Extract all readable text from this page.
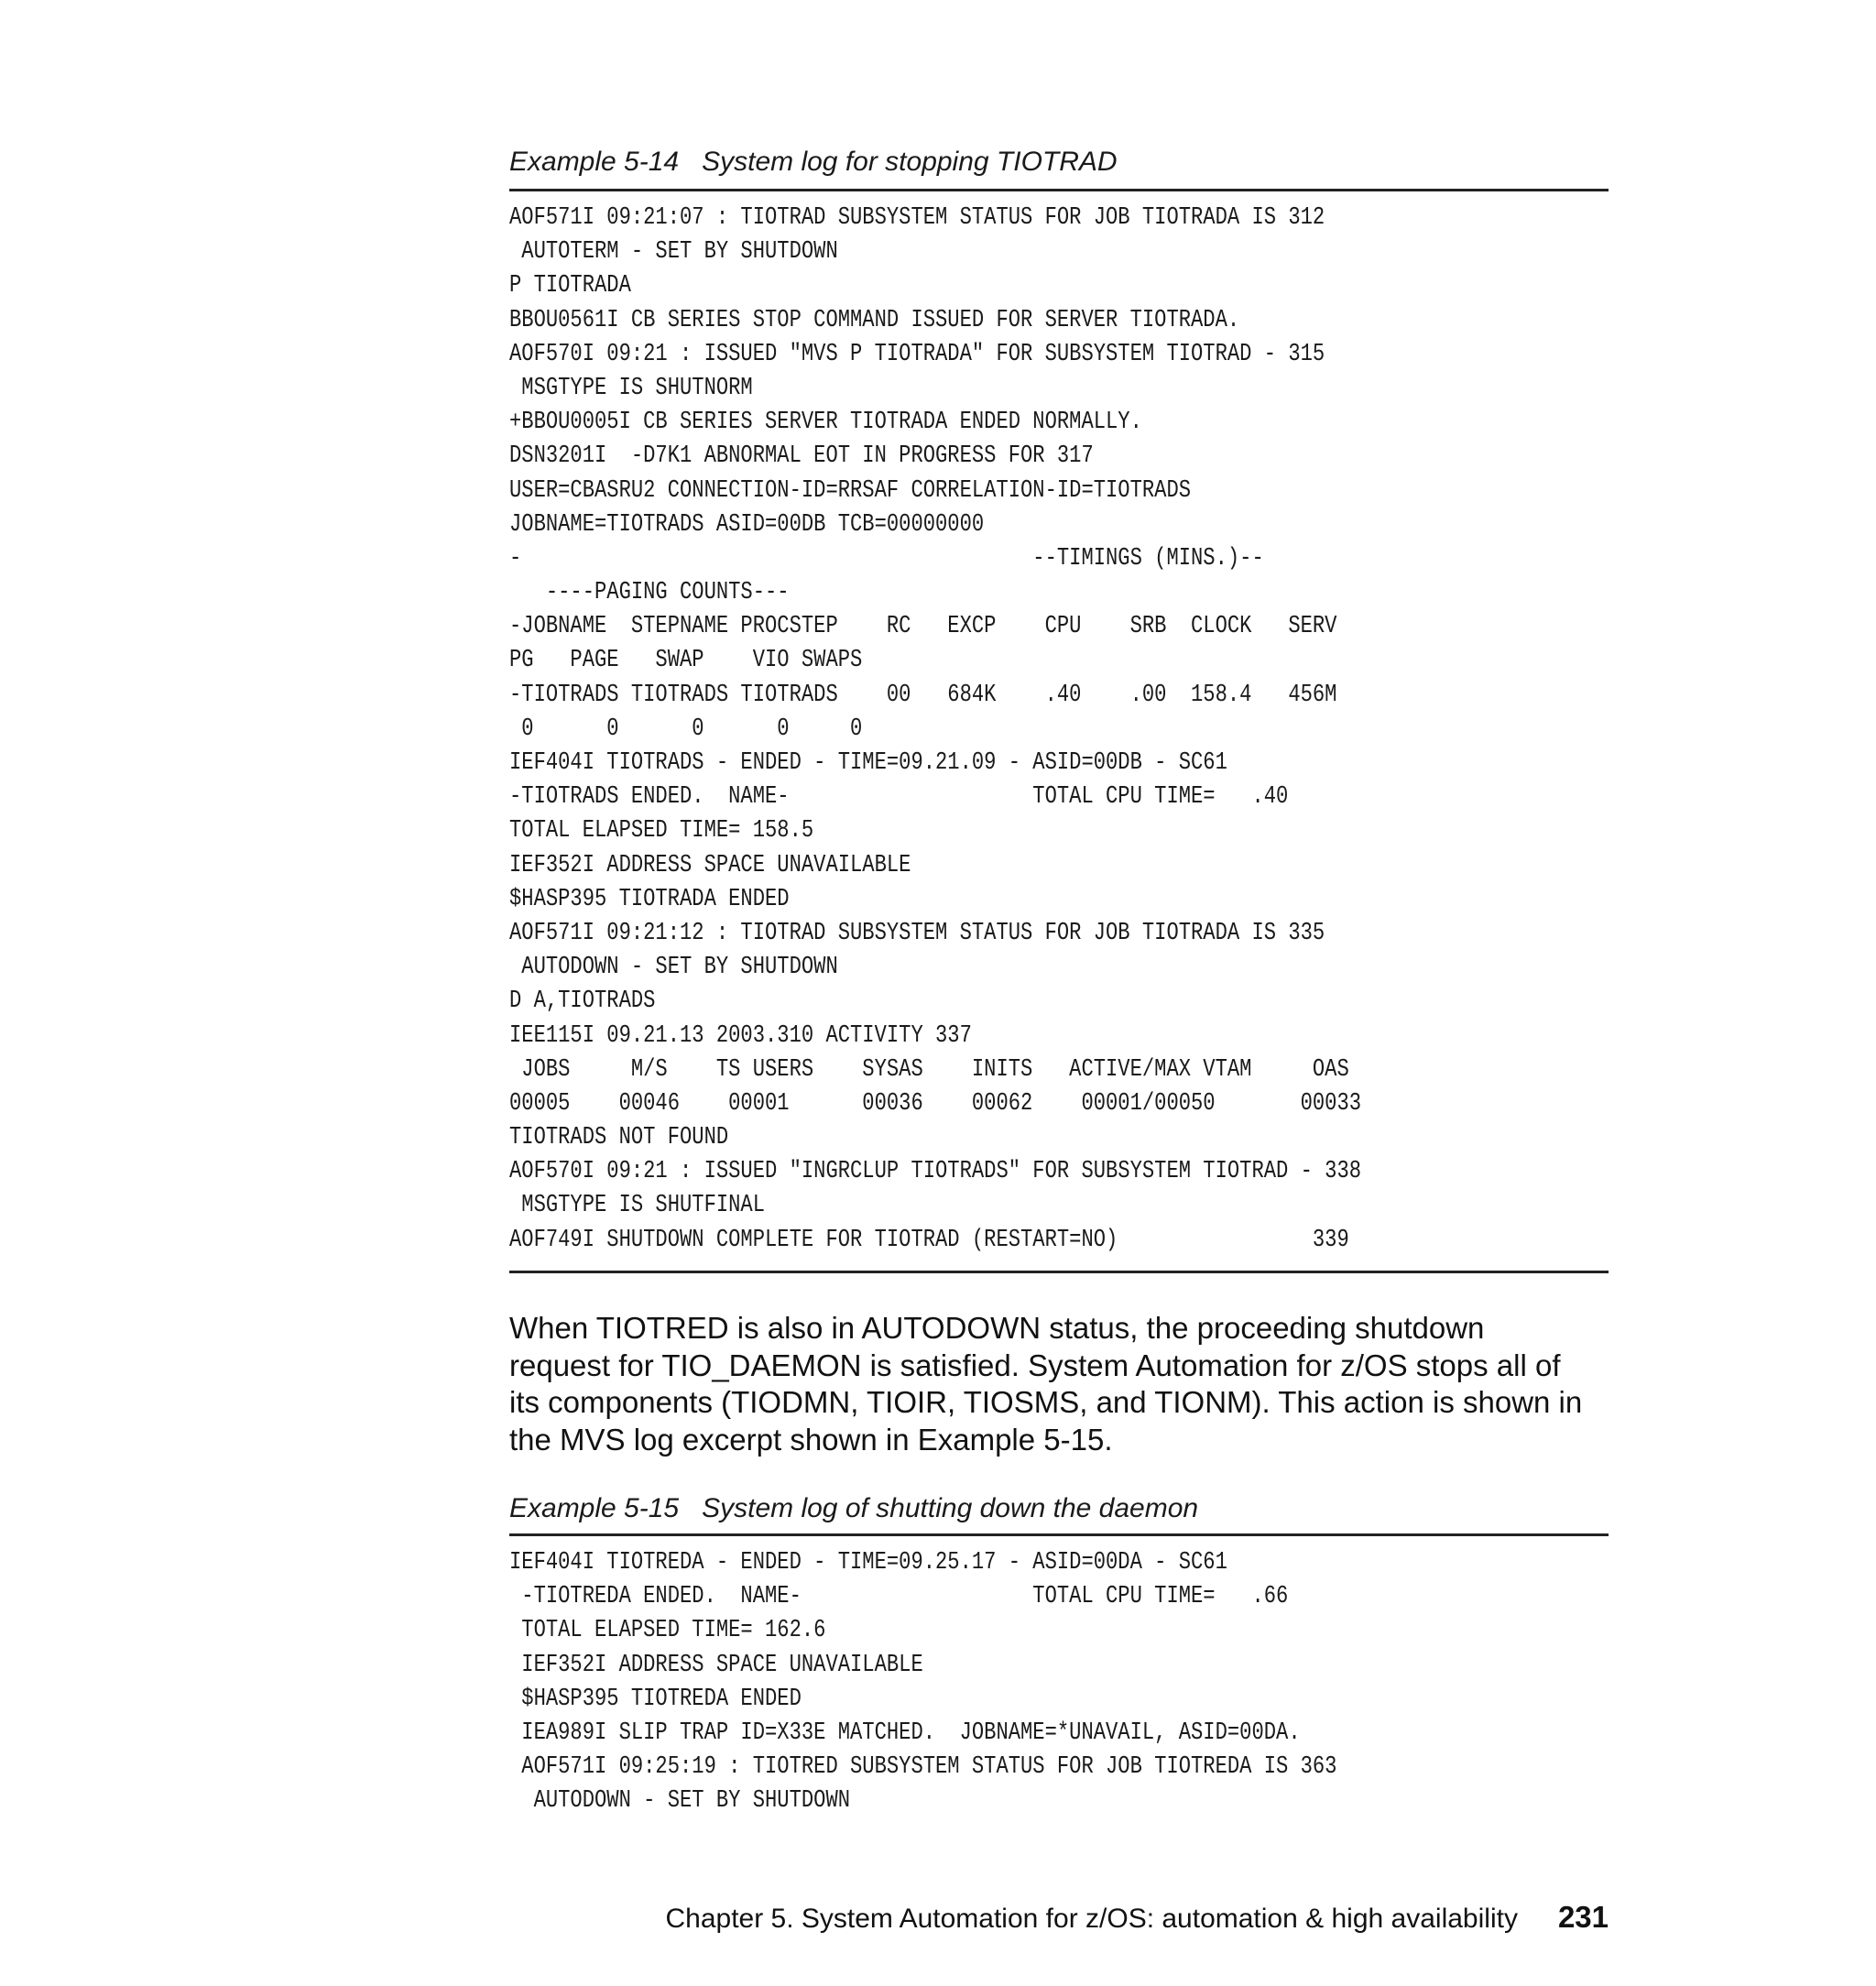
Example 5-14   System log for stopping TIOTRAD
AOF571I 09:21:07 : TIOTRAD SUBSYSTEM STATUS FOR JOB TIOTRADA IS 312
AUTOTERM - SET BY SHUTDOWN
P TIOTRADA
BBOU0561I CB SERIES STOP COMMAND ISSUED FOR SERVER TIOTRADA.
AOF570I 09:21 : ISSUED "MVS P TIOTRADA" FOR SUBSYSTEM TIOTRAD - 315
MSGTYPE IS SHUTNORM
+BBOU0005I CB SERIES SERVER TIOTRADA ENDED NORMALLY.
DSN3201I  -D7K1 ABNORMAL EOT IN PROGRESS FOR 317
USER=CBASRU2 CONNECTION-ID=RRSAF CORRELATION-ID=TIOTRADS
JOBNAME=TIOTRADS ASID=00DB TCB=00000000
-                                          --TIMINGS (MINS.)--
----PAGING COUNTS---
-JOBNAME  STEPNAME PROCSTEP    RC   EXCP    CPU    SRB  CLOCK   SERV
PG   PAGE   SWAP    VIO SWAPS
-TIOTRADS TIOTRADS TIOTRADS    00   684K    .40    .00  158.4   456M
0      0      0      0     0
IEF404I TIOTRADS - ENDED - TIME=09.21.09 - ASID=00DB - SC61
-TIOTRADS ENDED.  NAME-                    TOTAL CPU TIME=   .40
TOTAL ELAPSED TIME= 158.5
IEF352I ADDRESS SPACE UNAVAILABLE
$HASP395 TIOTRADA ENDED
AOF571I 09:21:12 : TIOTRAD SUBSYSTEM STATUS FOR JOB TIOTRADA IS 335
AUTODOWN - SET BY SHUTDOWN
D A,TIOTRADS
IEE115I 09.21.13 2003.310 ACTIVITY 337
JOBS     M/S    TS USERS    SYSAS    INITS   ACTIVE/MAX VTAM     OAS
00005    00046    00001      00036    00062    00001/00050       00033
TIOTRADS NOT FOUND
AOF570I 09:21 : ISSUED "INGRCLUP TIOTRADS" FOR SUBSYSTEM TIOTRAD - 338
MSGTYPE IS SHUTFINAL
AOF749I SHUTDOWN COMPLETE FOR TIOTRAD (RESTART=NO)                339
When TIOTRED is also in AUTODOWN status, the proceeding shutdown
request for TIO_DAEMON is satisfied. System Automation for z/OS stops all of
its components (TIODMN, TIOIR, TIOSMS, and TIONM). This action is shown in
the MVS log excerpt shown in Example 5-15.
Example 5-15   System log of shutting down the daemon
IEF404I TIOTREDA - ENDED - TIME=09.25.17 - ASID=00DA - SC61
-TIOTREDA ENDED.  NAME-                   TOTAL CPU TIME=   .66
TOTAL ELAPSED TIME= 162.6
IEF352I ADDRESS SPACE UNAVAILABLE
$HASP395 TIOTREDA ENDED
IEA989I SLIP TRAP ID=X33E MATCHED.  JOBNAME=*UNAVAIL, ASID=00DA.
AOF571I 09:25:19 : TIOTRED SUBSYSTEM STATUS FOR JOB TIOTREDA IS 363
AUTODOWN - SET BY SHUTDOWN
Chapter 5. System Automation for z/OS: automation & high availability 231
